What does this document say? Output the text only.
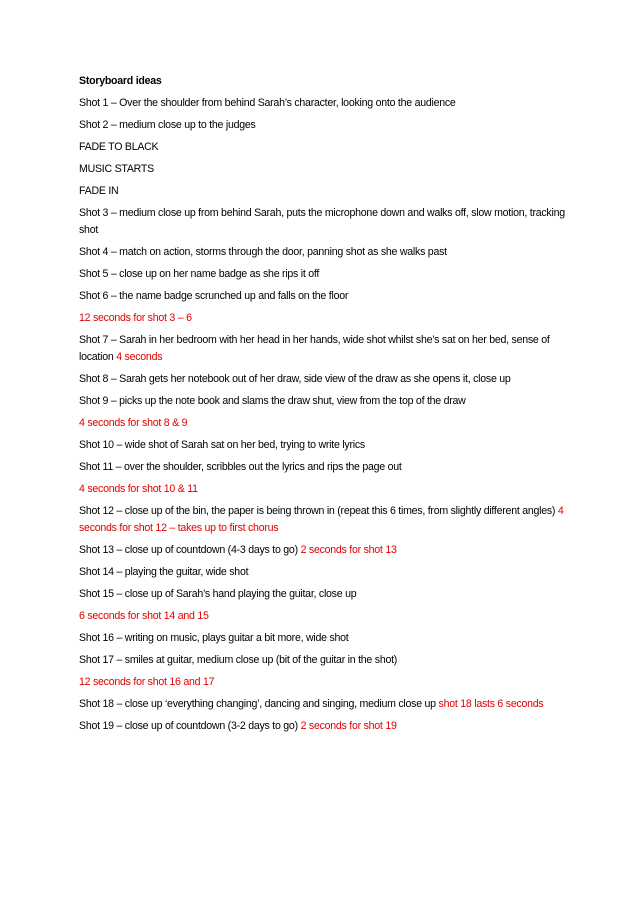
Storyboard ideas

Shot 1 – Over the shoulder from behind Sarah’s character, looking onto the audience

Shot 2 – medium close up to the judges

FADE TO BLACK

MUSIC STARTS

FADE IN

Shot 3 – medium close up from behind Sarah, puts the microphone down and walks off, slow motion, tracking shot

Shot 4 – match on action, storms through the door, panning shot as she walks past

Shot 5 – close up on her name badge as she rips it off

Shot 6 – the name badge scrunched up and falls on the floor

12 seconds for shot 3 – 6

Shot 7 – Sarah in her bedroom with her head in her hands, wide shot whilst she’s sat on her bed, sense of location 4 seconds

Shot 8 – Sarah gets her notebook out of her draw, side view of the draw as she opens it, close up

Shot 9 – picks up the note book and slams the draw shut, view from the top of the draw

4 seconds for shot 8 & 9

Shot 10 – wide shot of Sarah sat on her bed, trying to write lyrics

Shot 11 – over the shoulder, scribbles out the lyrics and rips the page out

4 seconds for shot 10 & 11

Shot 12 – close up of the bin, the paper is being thrown in (repeat this 6 times, from slightly different angles) 4 seconds for shot 12 – takes up to first chorus

Shot 13 – close up of countdown (4-3 days to go) 2 seconds for shot 13

Shot 14 – playing the guitar, wide shot

Shot 15 – close up of Sarah’s hand playing the guitar, close up

6 seconds for shot 14 and 15

Shot 16 – writing on music, plays guitar a bit more, wide shot

Shot 17 – smiles at guitar, medium close up (bit of the guitar in the shot)

12 seconds for shot 16 and 17

Shot 18 – close up ‘everything changing’, dancing and singing, medium close up shot 18 lasts 6 seconds

Shot 19 – close up of countdown (3-2 days to go) 2 seconds for shot 19
